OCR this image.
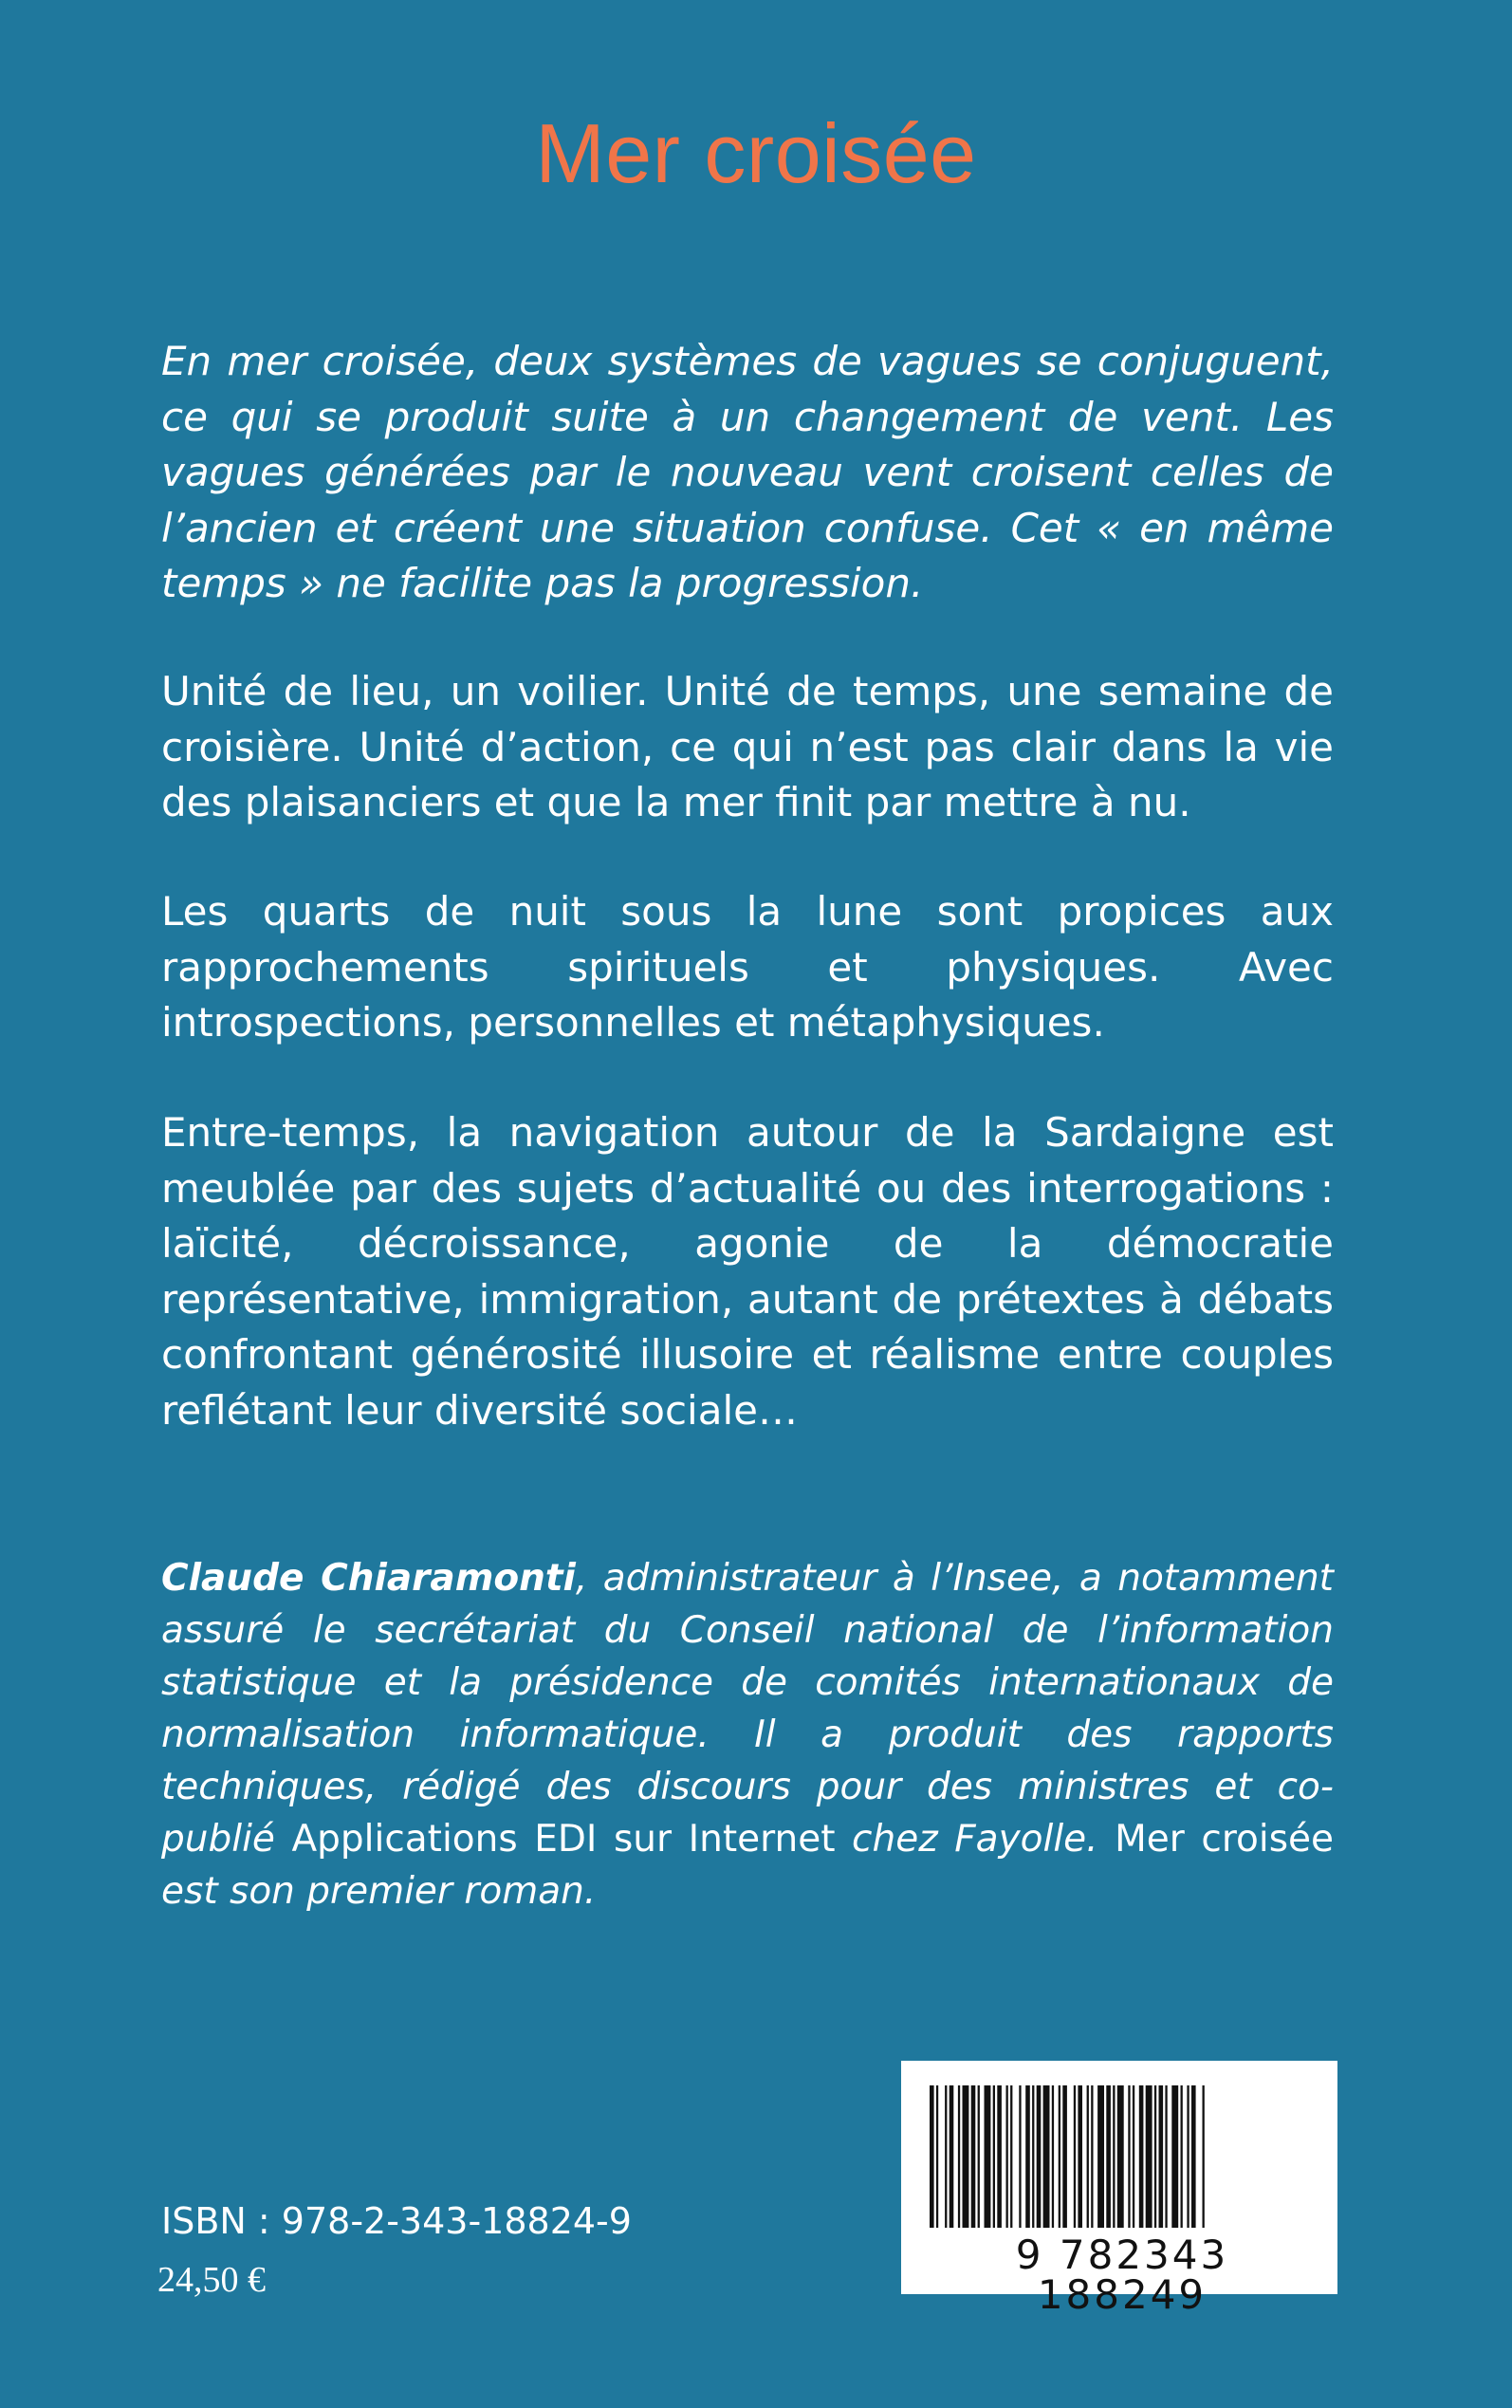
Mer croisée

En mer croisée, deux systèmes de vagues se conjuguent, ce qui se produit suite à un changement de vent. Les vagues générées par le nouveau vent croisent celles de l’ancien et créent une situation confuse. Cet « en même temps » ne facilite pas la progression.

Unité de lieu, un voilier. Unité de temps, une semaine de croisière. Unité d’action, ce qui n’est pas clair dans la vie des plaisanciers et que la mer finit par mettre à nu.

Les quarts de nuit sous la lune sont propices aux rapprochements spirituels et physiques. Avec introspections, personnelles et métaphysiques.

Entre-temps, la navigation autour de la Sardaigne est meublée par des sujets d’actualité ou des interrogations : laïcité, décroissance, agonie de la démocratie représentative, immigration, autant de prétextes à débats confrontant générosité illusoire et réalisme entre couples reflétant leur diversité sociale…

Claude Chiaramonti, administrateur à l’Insee, a notamment assuré le secrétariat du Conseil national de l’information statistique et la présidence de comités internationaux de normalisation informatique. Il a produit des rapports techniques, rédigé des discours pour des ministres et co-publié Applications EDI sur Internet chez Fayolle. Mer croisée est son premier roman.

ISBN : 978-2-343-18824-9
24,50 €
9 782343 188249
